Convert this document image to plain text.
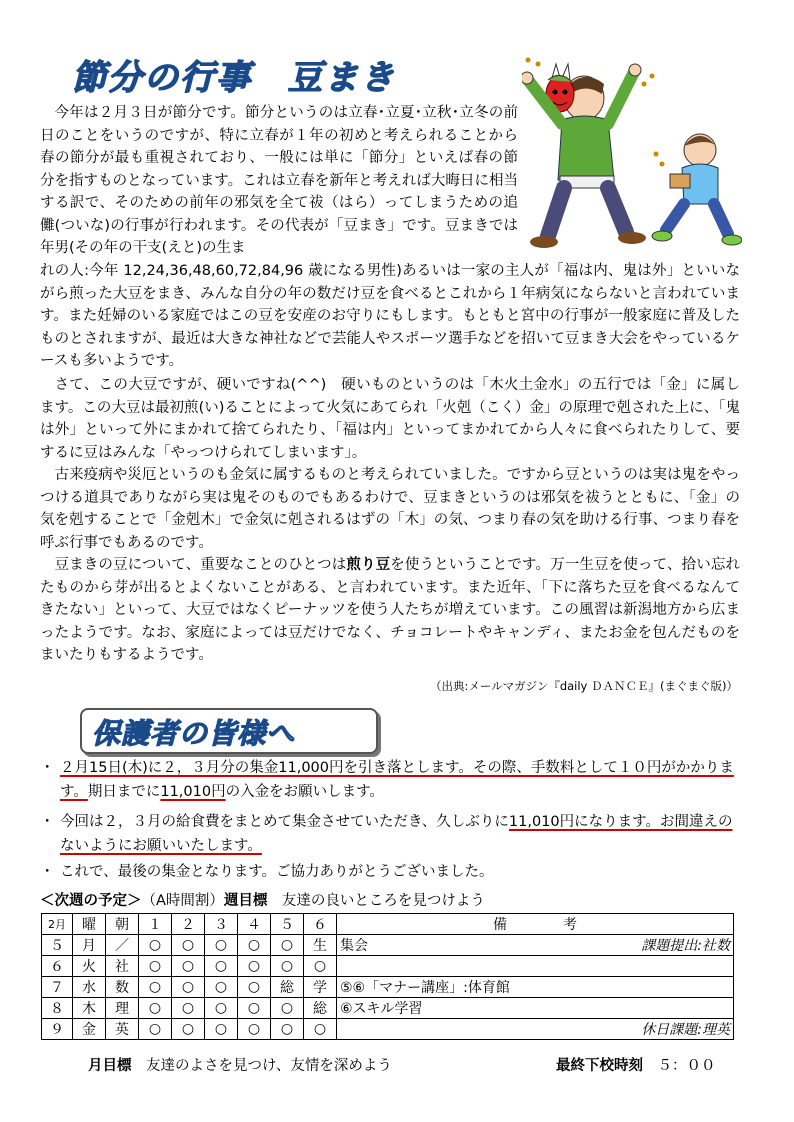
節分の行事　豆まき

今年は２月３日が節分です。節分というのは立春･立夏･立秋･立冬の前日のことをいうのですが、特に立春が１年の初めと考えられることから春の節分が最も重視されており、一般には単に「節分」といえば春の節分を指すものとなっています。これは立春を新年と考えれば大晦日に相当する訳で、そのための前年の邪気を全て祓（はら）ってしまうための追儺(ついな)の行事が行われます。その代表が「豆まき」です。豆まきでは年男(その年の干支(えと)の生ま

れの人:今年 12,24,36,48,60,72,84,96 歳になる男性)あるいは一家の主人が「福は内、鬼は外」といいながら煎った大豆をまき、みんな自分の年の数だけ豆を食べるとこれから１年病気にならないと言われています。また妊婦のいる家庭ではこの豆を安産のお守りにもします。もともと宮中の行事が一般家庭に普及したものとされますが、最近は大きな神社などで芸能人やスポーツ選手などを招いて豆まき大会をやっているケースも多いようです。

さて、この大豆ですが、硬いですね(^^)　硬いものというのは「木火土金水」の五行では「金」に属します。この大豆は最初煎(い)ることによって火気にあてられ「火剋（こく）金」の原理で剋された上に、「鬼は外」といって外にまかれて捨てられたり、「福は内」といってまかれてから人々に食べられたりして、要するに豆はみんな「やっつけられてしまいます」。

古来疫病や災厄というのも金気に属するものと考えられていました。ですから豆というのは実は鬼をやっつける道具でありながら実は鬼そのものでもあるわけで、豆まきというのは邪気を祓うとともに、「金」の気を剋することで「金剋木」で金気に剋されるはずの「木」の気、つまり春の気を助ける行事、つまり春を呼ぶ行事でもあるのです。

豆まきの豆について、重要なことのひとつは煎り豆を使うということです。万一生豆を使って、拾い忘れたものから芽が出るとよくないことがある、と言われています。また近年、「下に落ちた豆を食べるなんてきたない」といって、大豆ではなくピーナッツを使う人たちが増えています。この風習は新潟地方から広まったようです。なお、家庭によっては豆だけでなく、チョコレートやキャンディ、またお金を包んだものをまいたりもするようです。

（出典:メールマガジン『daily ＤＡＮＣＥ』(まぐまぐ版)）
保護者の皆様へ
・ ２月15日(木)に２，３月分の集金11,000円を引き落とします。その際、手数料として１０円がかかります。期日までに11,010円の入金をお願いします。
・ 今回は２，３月の給食費をまとめて集金させていただき、久しぶりに11,010円になります。お間違えのないようにお願いいたします。
・ これで、最後の集金となります。ご協力ありがとうございました。
＜次週の予定＞（A時間割）週目標　 友達の良いところを見つけよう
2月	曜	朝	１	２	３	４	５	６	備　　　　考
５	月	／	○	○	○	○	○	生	集会 課題提出:社数

６	火	社	○	○	○	○	○	○	

７	水	数	○	○	○	○	総	学	⑤⑥「マナー講座」:体育館

８	木	理	○	○	○	○	○	総	⑥スキル学習

９	金	英	○	○	○	○	○	○	休日課題:理英
月目標　 友達のよさを見つけ、友情を深めよう	最終下校時刻　 ５：００
